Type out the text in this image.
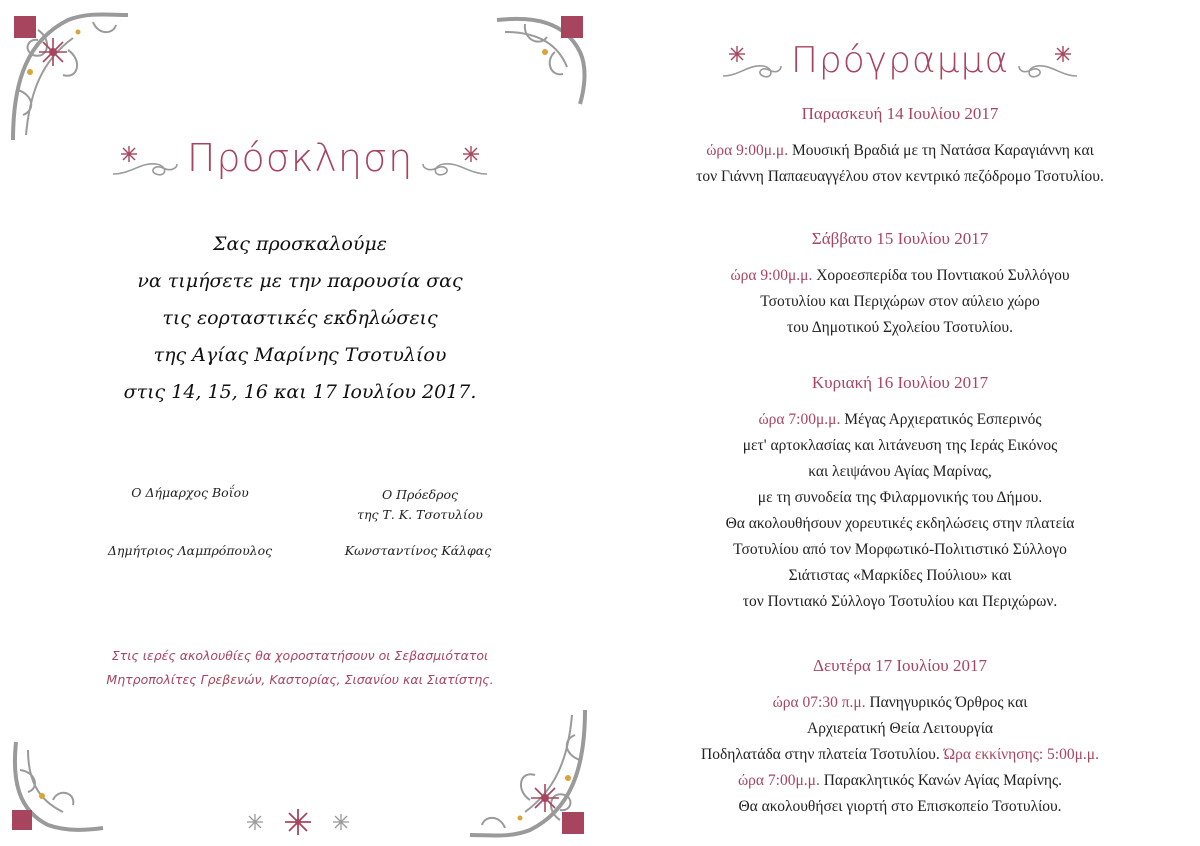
Πρόσκληση
Σας προσκαλούμε
να τιμήσετε με την παρουσία σας
τις εορταστικές εκδηλώσεις
της Αγίας Μαρίνης Τσοτυλίου
στις 14, 15, 16 και 17 Ιουλίου 2017.
Ο Δήμαρχος Βοΐου
Δημήτριος Λαμπρόπουλος
Ο Πρόεδρος
της Τ. Κ. Τσοτυλίου
Κωνσταντίνος Κάλφας
Στις ιερές ακολουθίες θα χοροστατήσουν οι Σεβασμιότατοι
Μητροπολίτες Γρεβενών, Καστορίας, Σισανίου και Σιατίστης.
Πρόγραμμα
Παρασκευή 14 Ιουλίου 2017
ώρα 9:00μ.μ. Μουσική Βραδιά με τη Νατάσα Καραγιάννη και
τον Γιάννη Παπαευαγγέλου στον κεντρικό πεζόδρομο Τσοτυλίου.
Σάββατο 15 Ιουλίου 2017
ώρα 9:00μ.μ. Χοροεσπερίδα του Ποντιακού Συλλόγου
Τσοτυλίου και Περιχώρων στον αύλειο χώρο
του Δημοτικού Σχολείου Τσοτυλίου.
Κυριακή 16 Ιουλίου 2017
ώρα 7:00μ.μ. Μέγας Αρχιερατικός Εσπερινός
μετ' αρτοκλασίας και λιτάνευση της Ιεράς Εικόνος
και λειψάνου Αγίας Μαρίνας,
με τη συνοδεία της Φιλαρμονικής του Δήμου.
Θα ακολουθήσουν χορευτικές εκδηλώσεις στην πλατεία
Τσοτυλίου από τον Μορφωτικό-Πολιτιστικό Σύλλογο
Σιάτιστας «Μαρκίδες Πούλιου» και
τον Ποντιακό Σύλλογο Τσοτυλίου και Περιχώρων.
Δευτέρα 17 Ιουλίου 2017
ώρα 07:30 π.μ. Πανηγυρικός Όρθρος και
Αρχιερατική Θεία Λειτουργία
Ποδηλατάδα στην πλατεία Τσοτυλίου. Ώρα εκκίνησης: 5:00μ.μ.
ώρα 7:00μ.μ. Παρακλητικός Κανών Αγίας Μαρίνης.
Θα ακολουθήσει γιορτή στο Επισκοπείο Τσοτυλίου.
